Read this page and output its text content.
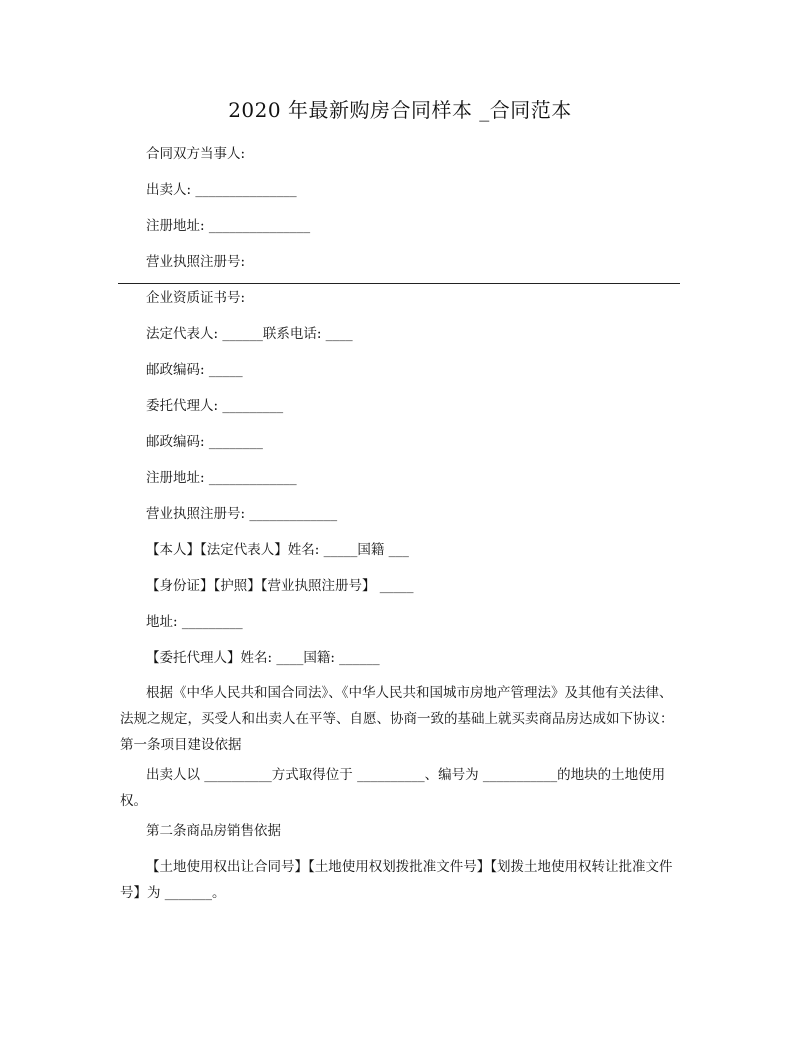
2020 年最新购房合同样本 _合同范本
合同双方当事人:
出卖人: _______________
注册地址: _______________
营业执照注册号:
企业资质证书号:
法定代表人: ______联系电话: ____
邮政编码: _____
委托代理人: _________
邮政编码: ________
注册地址: _____________
营业执照注册号: _____________
【本人】【法定代表人】姓名: _____国籍 ___
【身份证】【护照】【营业执照注册号】 _____
地址: _________
【委托代理人】姓名: ____国籍: ______
根据《中华人民共和国合同法》、《中华人民共和国城市房地产管理法》及其他有关法律、法规之规定，买受人和出卖人在平等、自愿、协商一致的基础上就买卖商品房达成如下协议：第一条项目建设依据
出卖人以 __________方式取得位于 __________、编号为 ___________的地块的土地使用权。
第二条商品房销售依据
【土地使用权出让合同号】【土地使用权划拨批准文件号】【划拨土地使用权转让批准文件号】为 _______。
